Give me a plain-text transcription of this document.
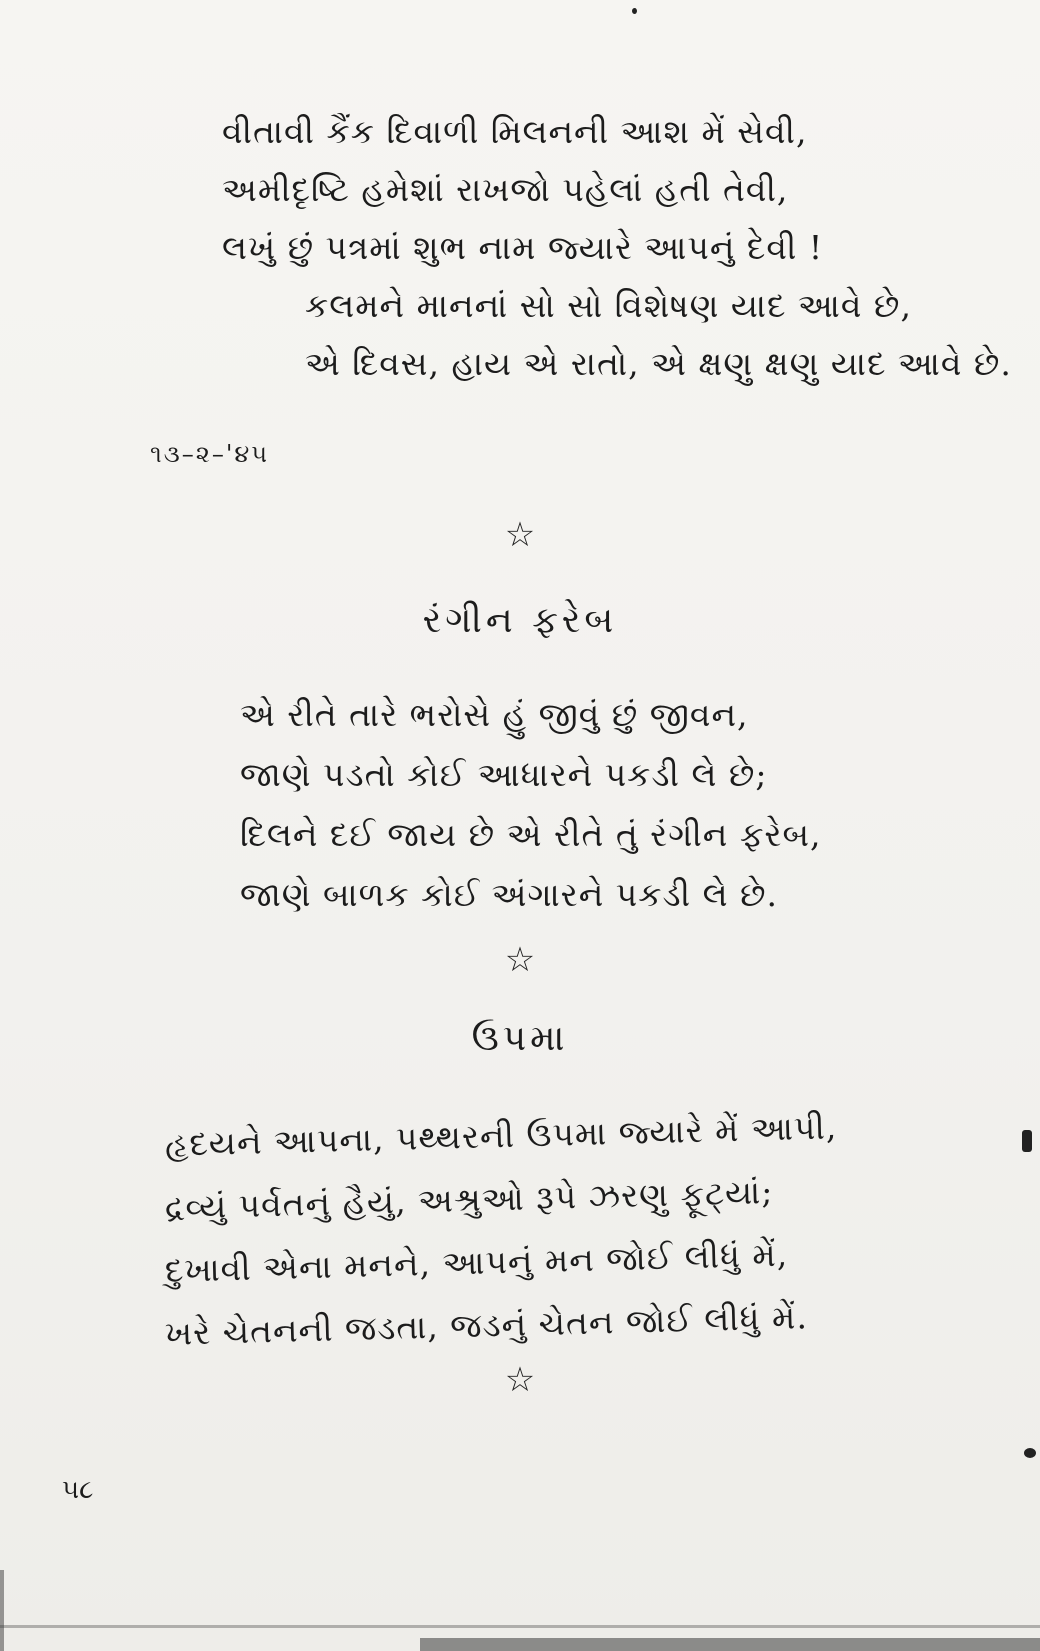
વીતાવી કૈંક દિવાળી મિલનની આશ મેં સેવી,
અમીદૃષ્ટિ હમેશાં રાખજો પહેલાં હતી તેવી,
લખું છું પત્રમાં શુભ નામ જ્યારે આપનું દેવી !
કલમને માનનાં સો સો વિશેષણ યાદ આવે છે,
એ દિવસ, હાય એ રાતો, એ ક્ષણુ ક્ષણુ યાદ આવે છે.
૧૩–૨–'૪૫
☆
રંગીન ફરેબ
એ રીતે તારે ભરોસે હું જીવું છું જીવન,
જાણે પડતો કોઈ આધારને પકડી લે છે;
દિલને દઈ જાય છે એ રીતે તું રંગીન ફરેબ,
જાણે બાળક કોઈ અંગારને પકડી લે છે.
☆
ઉપમા
હૃદયને આપના, પથ્થરની ઉપમા જ્યારે મેં આપી,
દ્રવ્યું પર્વતનું હૈયું, અશ્રુઓ રૂપે ઝરણુ ફૂટ્યાં;
દુખાવી એના મનને, આપનું મન જોઈ લીધું મેં,
ખરે ચેતનની જડતા, જડનું ચેતન જોઈ લીધું મેં.
☆
૫૮
